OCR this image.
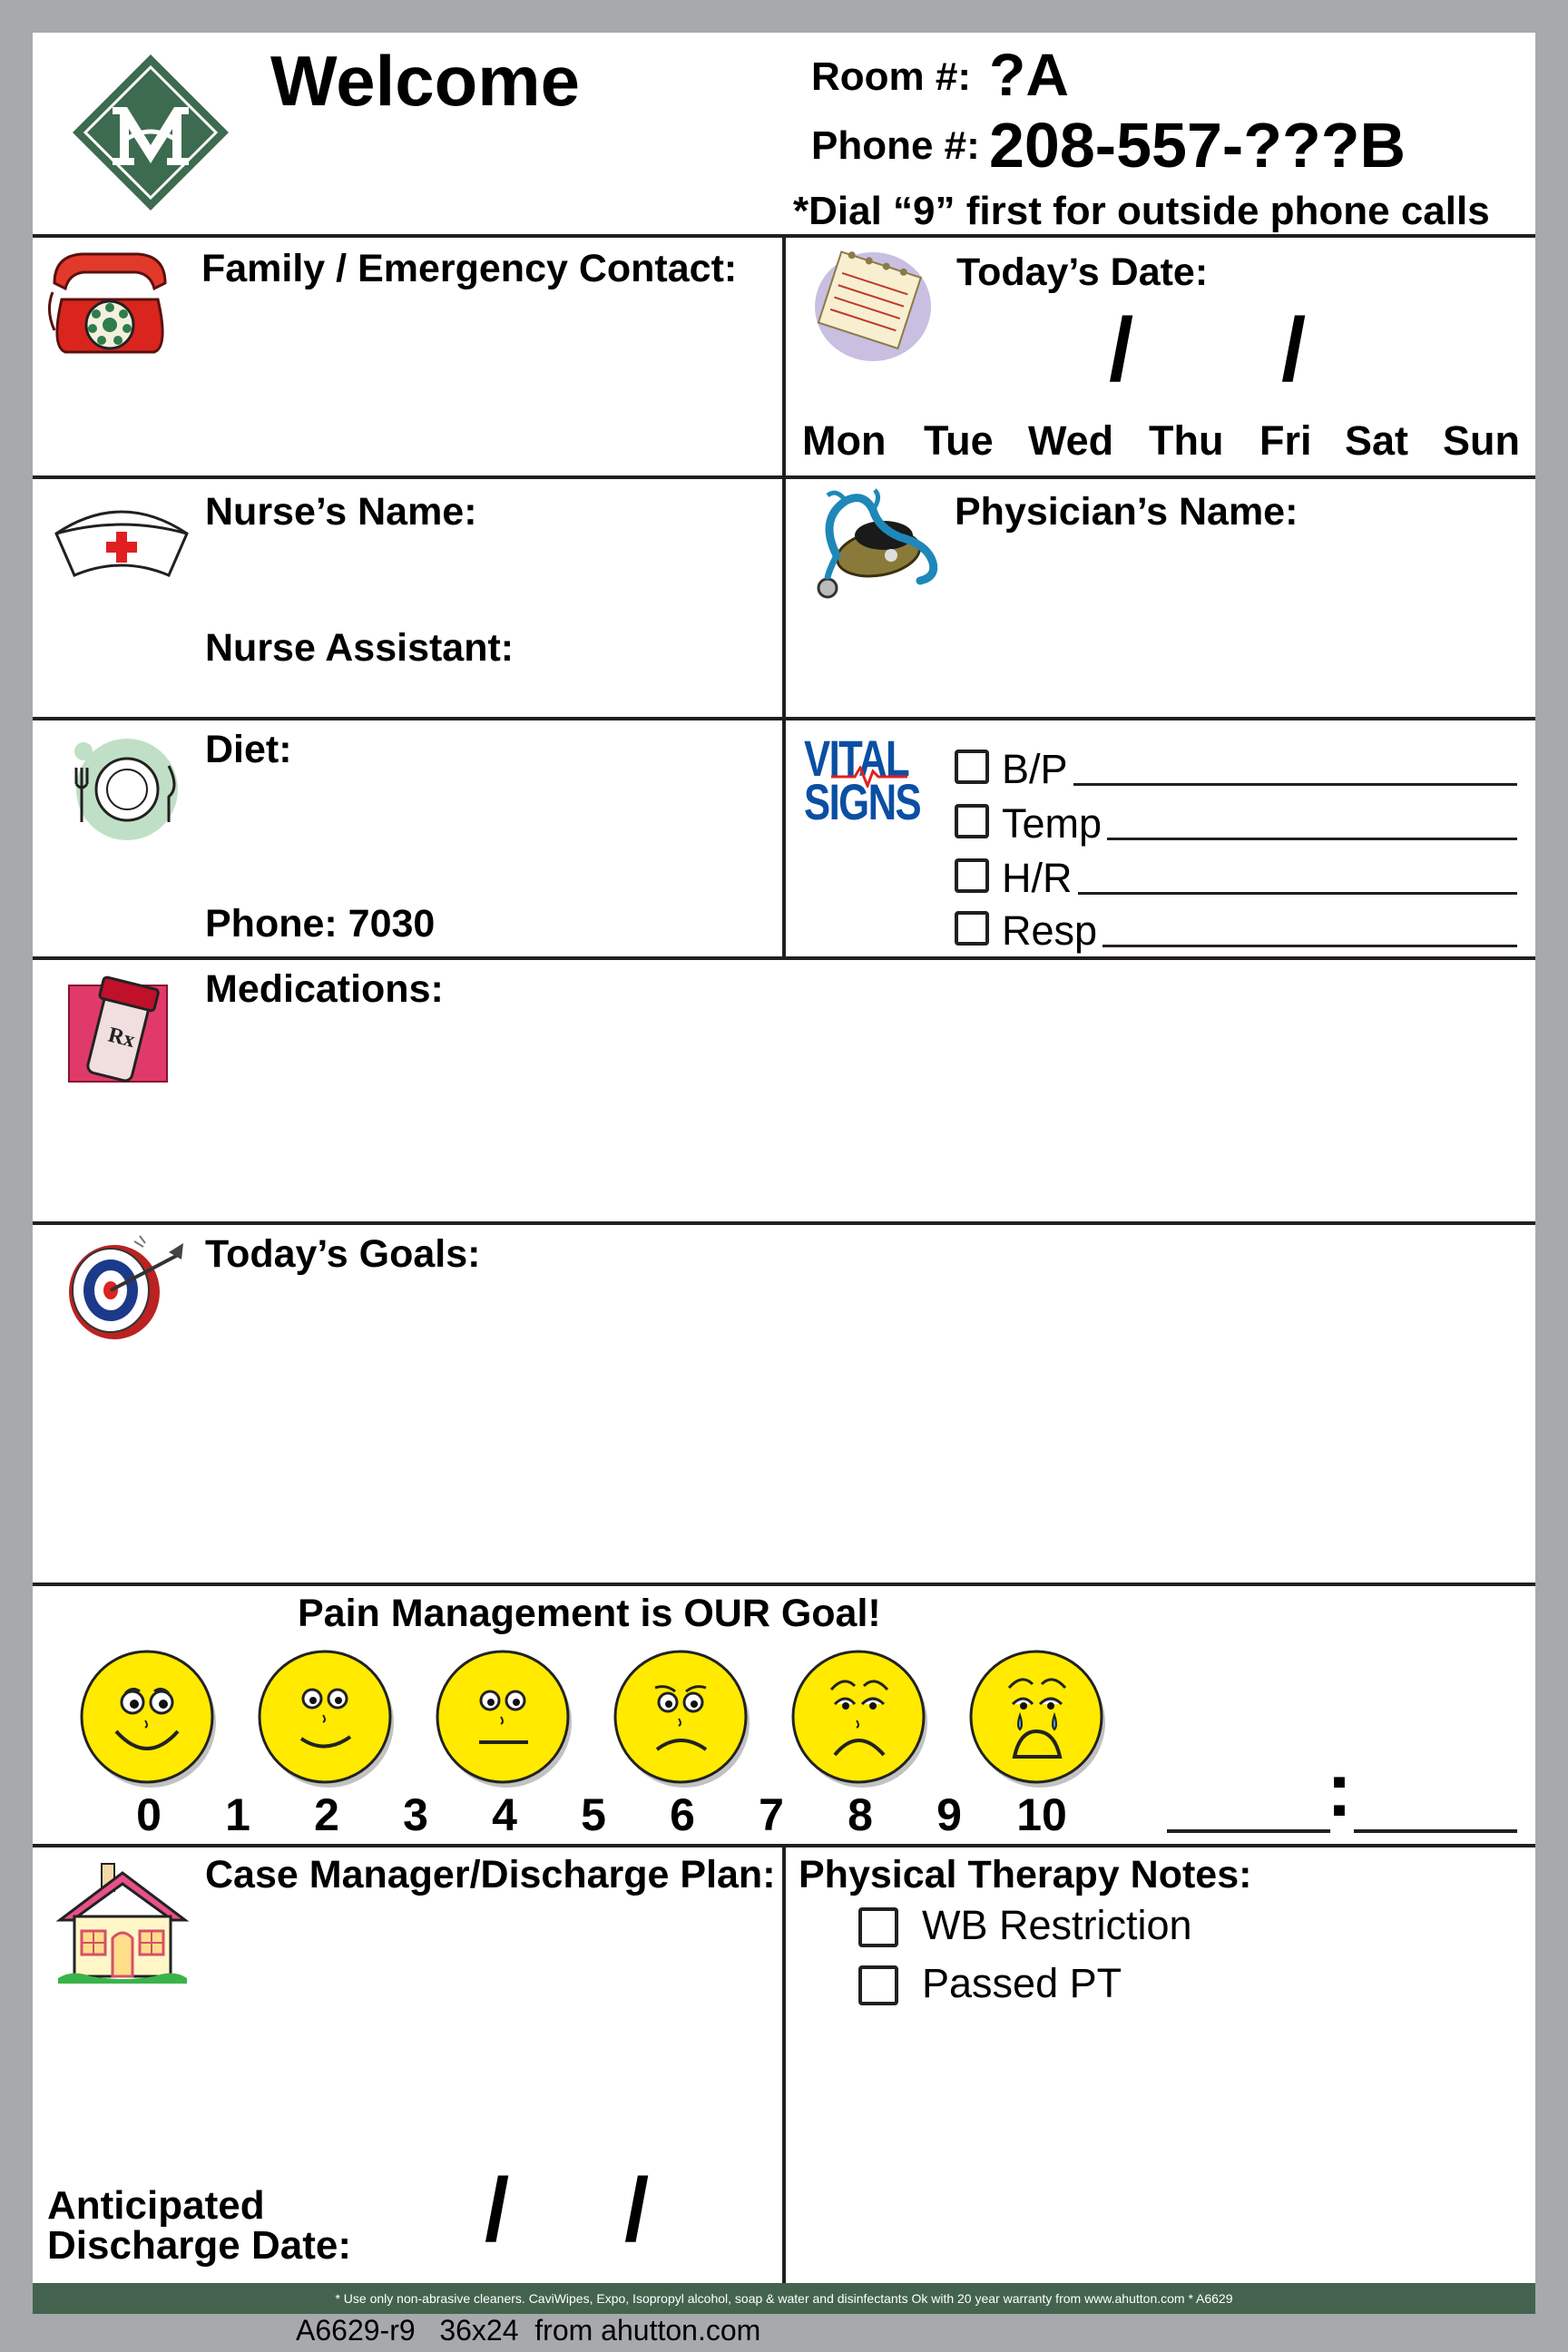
Welcome	Room #: ?A
Phone #: 208-557-???B
*Dial “9” first for outside phone calls
Family / Emergency Contact:	Today’s Date:
/ /
Mon Tue Wed Thu Fri Sat Sun
Nurse’s Name:
Nurse Assistant:
Physician’s Name:
Diet:
Phone: 7030
VITAL
SIGNS
B/P
Temp
H/R
Resp
Rx
Medications:
Today’s Goals:
Pain Management is OUR Goal!
0	1	2	3	4	5	6	7	8	9	10	:
Case Manager/Discharge Plan:
Anticipated
Discharge Date: / /
Physical Therapy Notes:
WB Restriction
Passed PT
* Use only non-abrasive cleaners. CaviWipes, Expo, Isopropyl alcohol, soap & water and disinfectants Ok with 20 year warranty from www.ahutton.com * A6629
A6629-r9   36x24  from ahutton.com
